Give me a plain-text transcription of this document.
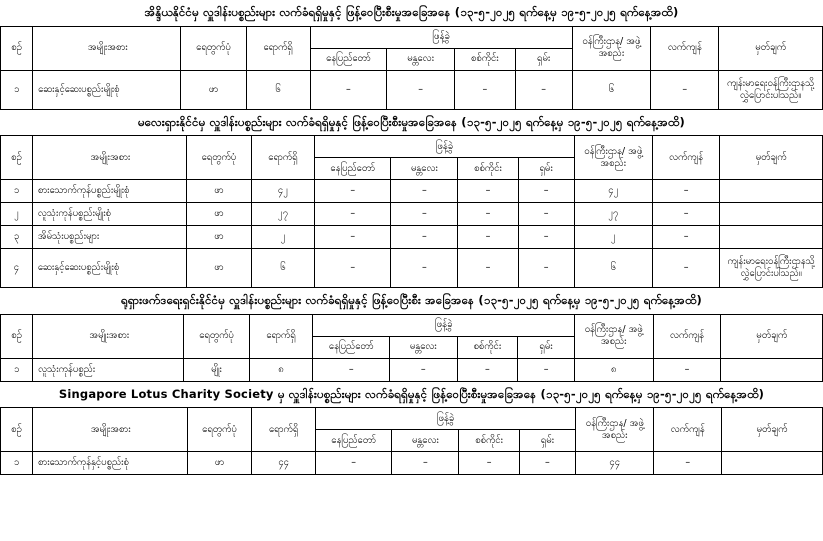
အိန္ဒိယနိုင်ငံမှ လှူဒါန်းပစ္စည်းများ လက်ခံရရှိမှုနှင့် ဖြန့်ဝေပြီးစီးမှုအခြေအနေ (၁၃-၅-၂၀၂၅ ရက်နေ့မှ ၁၉-၅-၂၀၂၅ ရက်နေ့အထိ)
စဉ်	အမျိုးအစား	ရေတွက်ပုံ	ရောက်ရှိ	ဖြန့်ခွဲ				ဝန်ကြီးဌာန/ အဖွဲ့အစည်း	လက်ကျန်	မှတ်ချက်
				နေပြည်တော်	မန္တလေး	စစ်ကိုင်း	ရှမ်း			
၁	ဆေးနှင့်ဆေးပစ္စည်းမျိုးစုံ	ဖာ	၆	–	–	–	–	၆	–	ကျန်းမာရေးဝန်ကြီးဌာနသို့ လွှဲပြောင်းပါသည်။
မလေးရှားနိုင်ငံမှ လှူဒါန်းပစ္စည်းများ လက်ခံရရှိမှုနှင့် ဖြန့်ဝေပြီးစီးမှုအခြေအနေ (၁၃-၅-၂၀၂၅ ရက်နေ့မှ ၁၉-၅-၂၀၂၅ ရက်နေ့အထိ)
စဉ်	အမျိုးအစား	ရေတွက်ပုံ	ရောက်ရှိ	ဖြန့်ခွဲ				ဝန်ကြီးဌာန/ အဖွဲ့အစည်း	လက်ကျန်	မှတ်ချက်
				နေပြည်တော်	မန္တလေး	စစ်ကိုင်း	ရှမ်း			
၁	စားသောက်ကုန်ပစ္စည်းမျိုးစုံ	ဖာ	၄၂	–	–	–	–	၄၂	–	
၂	လူသုံးကုန်ပစ္စည်းမျိုးစုံ	ဖာ	၂၇	–	–	–	–	၂၇	–	
၃	အိမ်သုံးပစ္စည်းများ	ဖာ	၂	–	–	–	–	၂	–	
၄	ဆေးနှင့်ဆေးပစ္စည်းမျိုးစုံ	ဖာ	၆	–	–	–	–	၆	–	ကျန်းမာရေးဝန်ကြီးဌာနသို့ လွှဲပြောင်းပါသည်။
ရုရှားဖက်ဒရေးရှင်းနိုင်ငံမှ လှူဒါန်းပစ္စည်းများ လက်ခံရရှိမှုနှင့် ဖြန့်ဝေပြီးစီး အခြေအနေ (၁၃-၅-၂၀၂၅ ရက်နေ့မှ ၁၉-၅-၂၀၂၅ ရက်နေ့အထိ)
စဉ်	အမျိုးအစား	ရေတွက်ပုံ	ရောက်ရှိ	ဖြန့်ခွဲ				ဝန်ကြီးဌာန/ အဖွဲ့အစည်း	လက်ကျန်	မှတ်ချက်
				နေပြည်တော်	မန္တလေး	စစ်ကိုင်း	ရှမ်း			
၁	လူသုံးကုန်ပစ္စည်း	မျိုး	၈	–	–	–	–	၈	–	
Singapore Lotus Charity Society မှ လှူဒါန်းပစ္စည်းများ လက်ခံရရှိမှုနှင့် ဖြန့်ဝေပြီးစီးမှုအခြေအနေ (၁၃-၅-၂၀၂၅ ရက်နေ့မှ ၁၉-၅-၂၀၂၅ ရက်နေ့အထိ)
စဉ်	အမျိုးအစား	ရေတွက်ပုံ	ရောက်ရှိ	ဖြန့်ခွဲ				ဝန်ကြီးဌာန/ အဖွဲ့အစည်း	လက်ကျန်	မှတ်ချက်
				နေပြည်တော်	မန္တလေး	စစ်ကိုင်း	ရှမ်း			
၁	စားသောက်ကုန်နှင့်ပစ္စည်းစုံ	ဖာ	၄၄	–	–	–	–	၄၄	–	
